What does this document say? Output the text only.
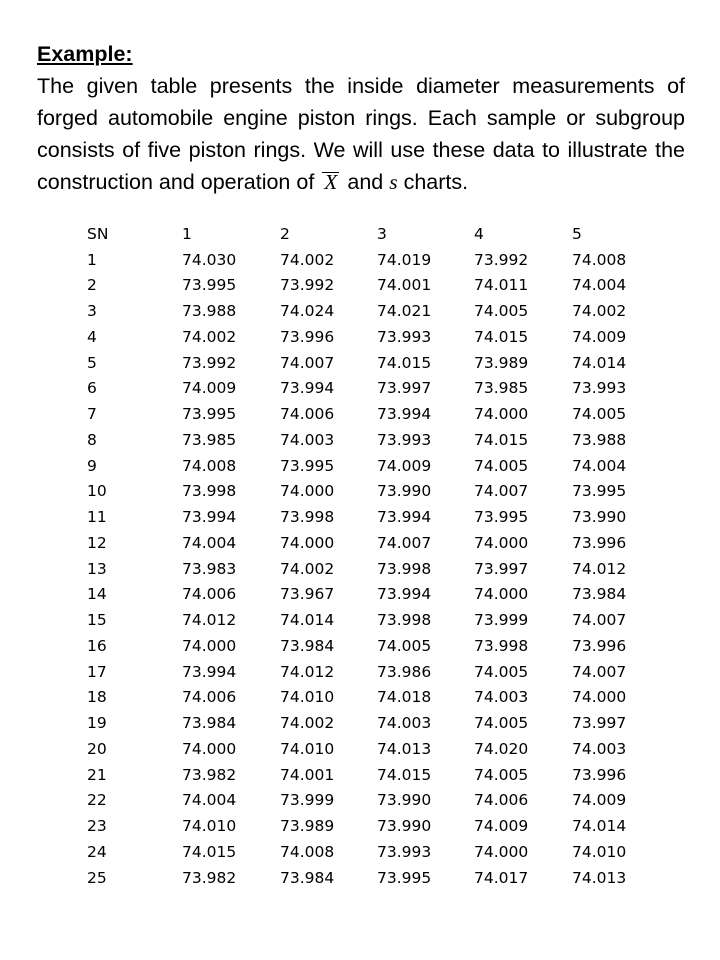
Example:
The given table presents the inside diameter measurements of forged automobile engine piston rings. Each sample or subgroup consists of five piston rings. We will use these data to illustrate the construction and operation of X and s charts.
SN	1	2	3	4	5
1	74.030	74.002	74.019	73.992	74.008
2	73.995	73.992	74.001	74.011	74.004
3	73.988	74.024	74.021	74.005	74.002
4	74.002	73.996	73.993	74.015	74.009
5	73.992	74.007	74.015	73.989	74.014
6	74.009	73.994	73.997	73.985	73.993
7	73.995	74.006	73.994	74.000	74.005
8	73.985	74.003	73.993	74.015	73.988
9	74.008	73.995	74.009	74.005	74.004
10	73.998	74.000	73.990	74.007	73.995
11	73.994	73.998	73.994	73.995	73.990
12	74.004	74.000	74.007	74.000	73.996
13	73.983	74.002	73.998	73.997	74.012
14	74.006	73.967	73.994	74.000	73.984
15	74.012	74.014	73.998	73.999	74.007
16	74.000	73.984	74.005	73.998	73.996
17	73.994	74.012	73.986	74.005	74.007
18	74.006	74.010	74.018	74.003	74.000
19	73.984	74.002	74.003	74.005	73.997
20	74.000	74.010	74.013	74.020	74.003
21	73.982	74.001	74.015	74.005	73.996
22	74.004	73.999	73.990	74.006	74.009
23	74.010	73.989	73.990	74.009	74.014
24	74.015	74.008	73.993	74.000	74.010
25	73.982	73.984	73.995	74.017	74.013
